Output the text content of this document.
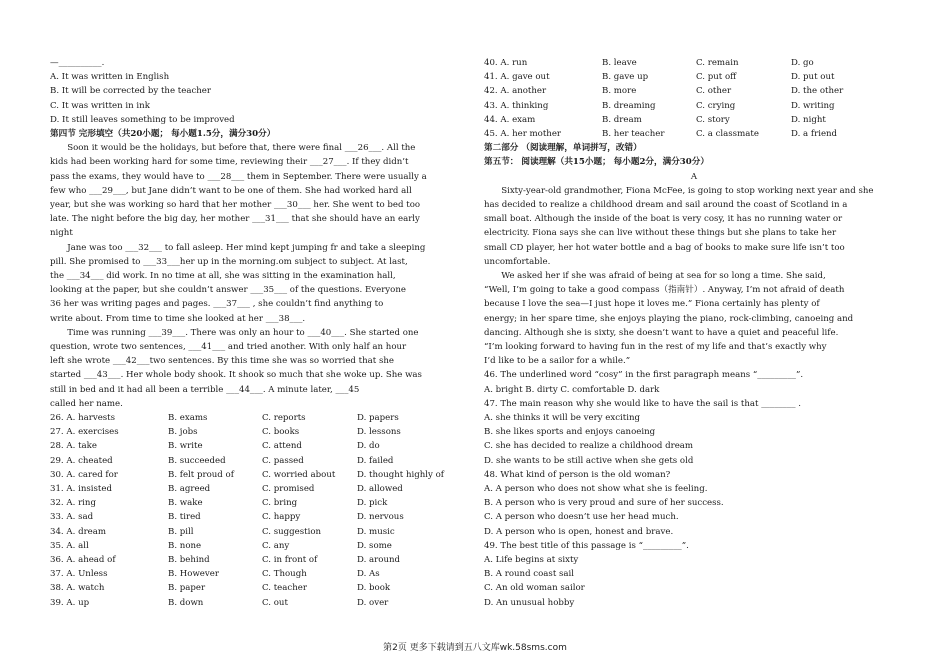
—__________.
A. It was written in English
B. It will be corrected by the teacher
C. It was written in ink
D. It still leaves something to be improved
第四节 完形填空（共20小题； 每小题1.5分，满分30分）
Soon it would be the holidays, but before that, there were final ___26___. All the
kids had been working hard for some time, reviewing their ___27___. If they didn’t
pass the exams, they would have to ___28___ them in September. There were usually a
few who ___29___, but Jane didn’t want to be one of them. She had worked hard all
year, but she was working so hard that her mother ___30___ her. She went to bed too
late. The night before the big day, her mother ___31___ that she should have an early
night
Jane was too ___32___ to fall asleep. Her mind kept jumping fr and take a sleeping
pill. She promised to ___33___her up in the morning.om subject to subject. At last,
the ___34___ did work. In no time at all, she was sitting in the examination hall,
looking at the paper, but she couldn’t answer ___35___ of the questions. Everyone
36 her was writing pages and pages. ___37___ , she couldn’t find anything to
write about. From time to time she looked at her ___38___.
Time was running ___39___. There was only an hour to ___40___. She started one
question, wrote two sentences, ___41___ and tried another. With only half an hour
left she wrote ___42___two sentences. By this time she was so worried that she
started ___43___. Her whole body shook. It shook so much that she woke up. She was
still in bed and it had all been a terrible ___44___. A minute later, ___45
called her name.
26. A. harvests	B. exams	C. reports	D. papers
27. A. exercises	B. jobs	C. books	D. lessons
28. A. take	B. write	C. attend	D. do
29. A. cheated	B. succeeded	C. passed	D. failed
30. A. cared for	B. felt proud of	C. worried about	D. thought highly of
31. A. insisted	B. agreed	C. promised	D. allowed
32. A. ring	B. wake	C. bring	D. pick
33. A. sad	B. tired	C. happy	D. nervous
34. A. dream	B. pill	C. suggestion	D. music
35. A. all	B. none	C. any	D. some
36. A. ahead of	B. behind	C. in front of	D. around
37. A. Unless	B. However	C. Though	D. As
38. A. watch	B. paper	C. teacher	D. book
39. A. up	B. down	C. out	D. over
40. A. run	B. leave	C. remain	D. go
41. A. gave out	B. gave up	C. put off	D. put out
42. A. another	B. more	C. other	D. the other
43. A. thinking	B. dreaming	C. crying	D. writing
44. A. exam	B. dream	C. story	D. night
45. A. her mother	B. her teacher	C. a classmate	D. a friend
第二部分 （阅读理解，单词拼写，改错）
第五节： 阅读理解（共15小题； 每小题2分，满分30分）
A
Sixty-year-old grandmother, Fiona McFee, is going to stop working next year and she
has decided to realize a childhood dream and sail around the coast of Scotland in a
small boat. Although the inside of the boat is very cosy, it has no running water or
electricity. Fiona says she can live without these things but she plans to take her
small CD player, her hot water bottle and a bag of books to make sure life isn’t too
uncomfortable.
We asked her if she was afraid of being at sea for so long a time. She said,
“Well, I’m going to take a good compass（指南针）. Anyway, I’m not afraid of death
because I love the sea—I just hope it loves me.” Fiona certainly has plenty of
energy; in her spare time, she enjoys playing the piano, rock-climbing, canoeing and
dancing. Although she is sixty, she doesn’t want to have a quiet and peaceful life.
“I’m looking forward to having fun in the rest of my life and that’s exactly why
I’d like to be a sailor for a while.”
46. The underlined word “cosy” in the first paragraph means “_________”.
A. bright B. dirty C. comfortable D. dark
47. The main reason why she would like to have the sail is that ________ .
A. she thinks it will be very exciting
B. she likes sports and enjoys canoeing
C. she has decided to realize a childhood dream
D. she wants to be still active when she gets old
48. What kind of person is the old woman?
A. A person who does not show what she is feeling.
B. A person who is very proud and sure of her success.
C. A person who doesn’t use her head much.
D. A person who is open, honest and brave.
49. The best title of this passage is “_________”.
A. Life begins at sixty
B. A round coast sail
C. An old woman sailor
D. An unusual hobby
第2页 更多下载请到五八文库wk.58sms.com
